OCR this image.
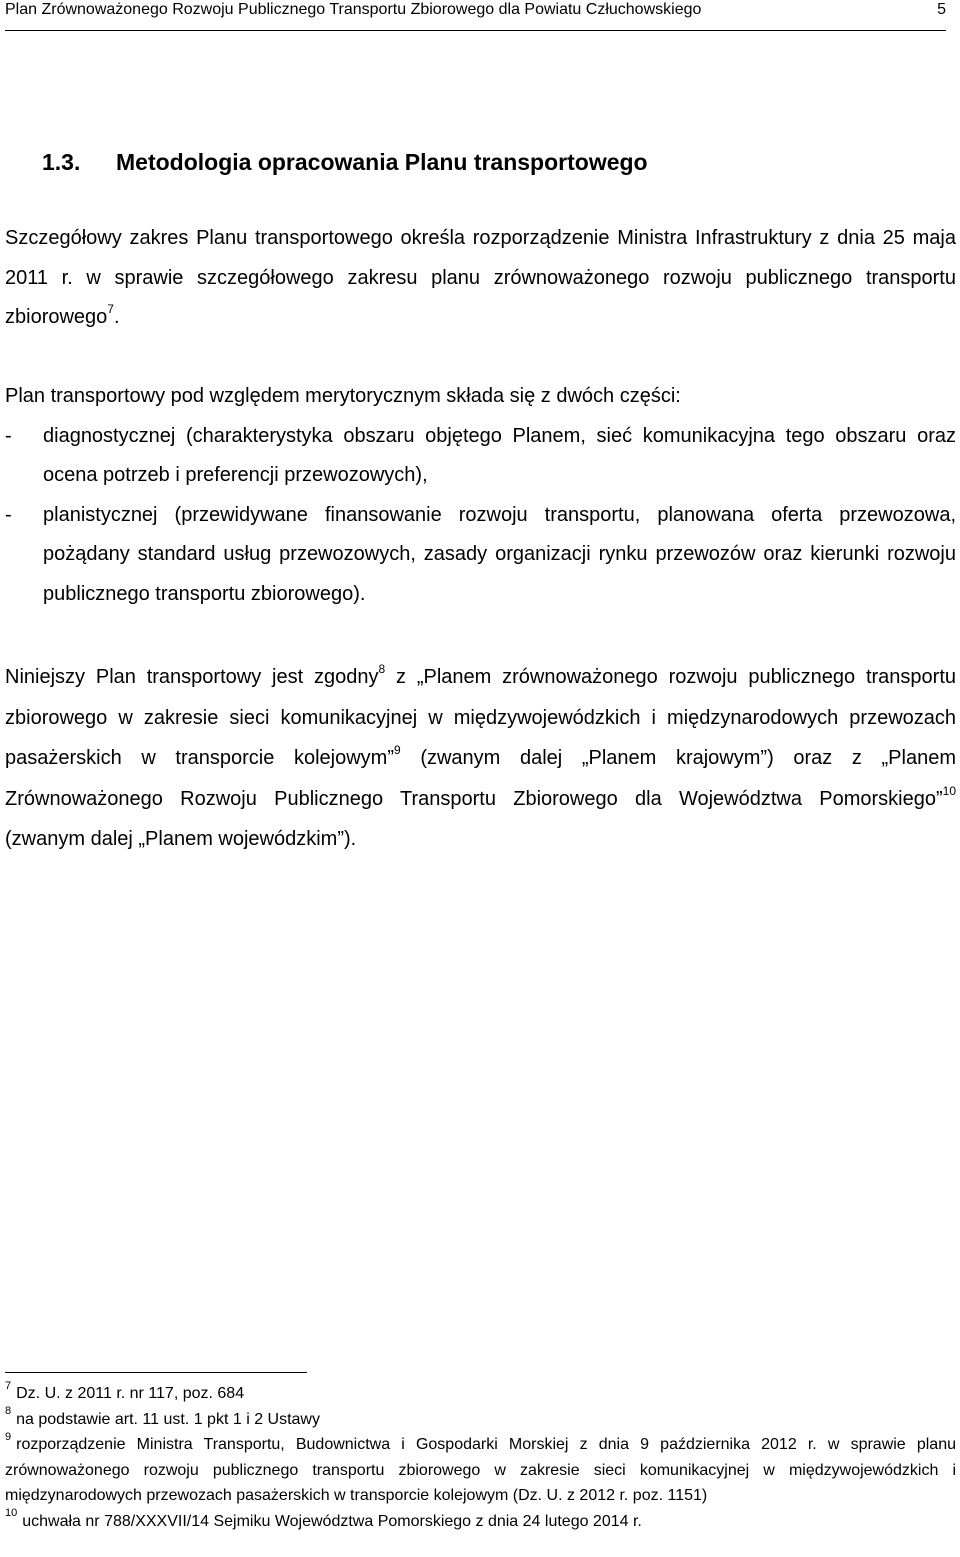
Plan Zrównoważonego Rozwoju Publicznego Transportu Zbiorowego dla Powiatu Człuchowskiego	5
1.3. Metodologia opracowania Planu transportowego

Szczegółowy zakres Planu transportowego określa rozporządzenie Ministra Infrastruktury z dnia 25 maja 2011 r. w sprawie szczegółowego zakresu planu zrównoważonego rozwoju publicznego transportu zbiorowego$^7$.

Plan transportowy pod względem merytorycznym składa się z dwóch części:

- diagnostycznej (charakterystyka obszaru objętego Planem, sieć komunikacyjna tego obszaru oraz ocena potrzeb i preferencji przewozowych),
- planistycznej (przewidywane finansowanie rozwoju transportu, planowana oferta przewozowa, pożądany standard usług przewozowych, zasady organizacji rynku przewozów oraz kierunki rozwoju publicznego transportu zbiorowego).

Niniejszy Plan transportowy jest zgodny$^8$ z „Planem zrównoważonego rozwoju publicznego transportu zbiorowego w zakresie sieci komunikacyjnej w międzywojewódzkich i międzynarodowych przewozach pasażerskich w transporcie kolejowym”$^9$ (zwanym dalej „Planem krajowym”) oraz z „Planem Zrównoważonego Rozwoju Publicznego Transportu Zbiorowego dla Województwa Pomorskiego”$^{10}$ (zwanym dalej „Planem wojewódzkim”).

$^7$ Dz. U. z 2011 r. nr 117, poz. 684
$^8$ na podstawie art. 11 ust. 1 pkt 1 i 2 Ustawy
$^9$ rozporządzenie Ministra Transportu, Budownictwa i Gospodarki Morskiej z dnia 9 października 2012 r. w sprawie planu zrównoważonego rozwoju publicznego transportu zbiorowego w zakresie sieci komunikacyjnej w międzywojewódzkich i międzynarodowych przewozach pasażerskich w transporcie kolejowym (Dz. U. z 2012 r. poz. 1151)
$^{10}$ uchwała nr 788/XXXVII/14 Sejmiku Województwa Pomorskiego z dnia 24 lutego 2014 r.
